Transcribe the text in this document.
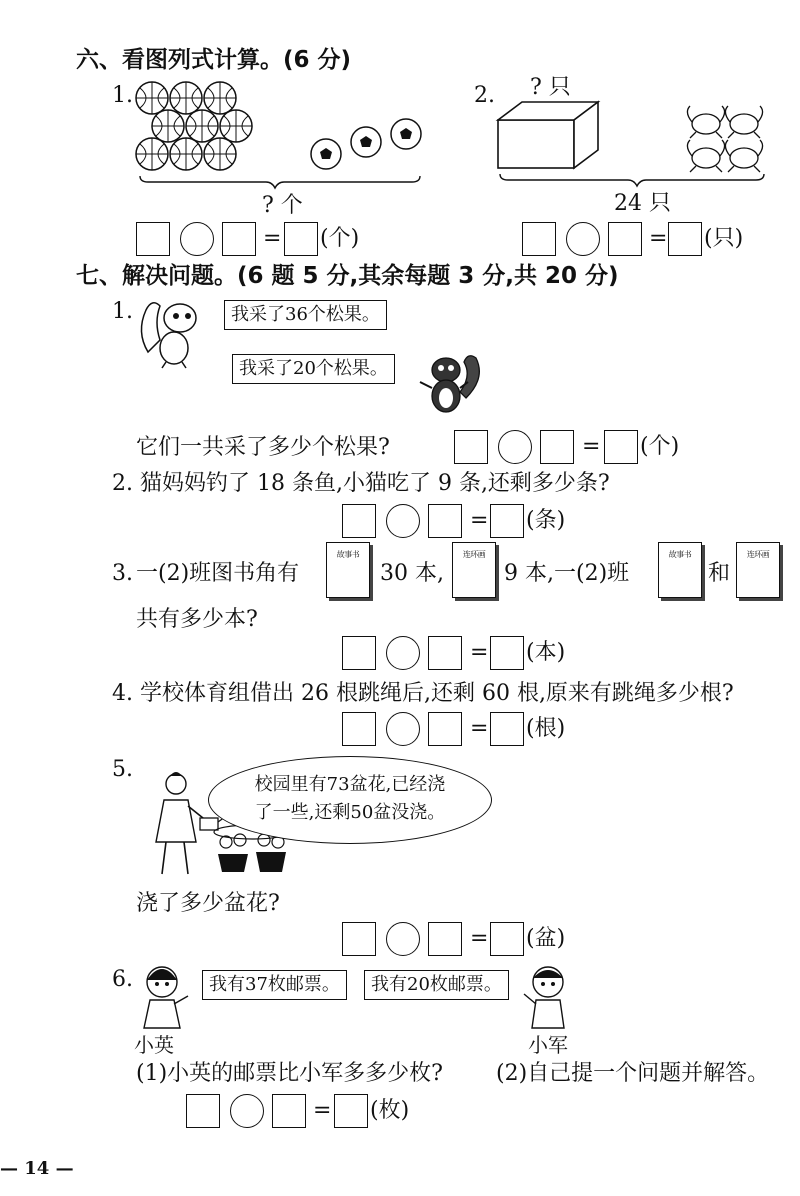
六、看图列式计算。(6 分)
1.
? 个
= (个)
2. ? 只
24 只
= (只)
七、解决问题。(6 题 5 分,其余每题 3 分,共 20 分)
1.	我采了36个松果。
我采了20个松果。
它们一共采了多少个松果?	= (个)
2. 猫妈妈钓了 18 条鱼,小猫吃了 9 条,还剩多少条?
= (条)
3. 一(2)班图书角有
故事书
30 本,
连环画
9 本,一(2)班
故事书
和
连环画
共有多少本?
= (本)
4. 学校体育组借出 26 根跳绳后,还剩 60 根,原来有跳绳多少根?
= (根)
5.
校园里有73盆花,已经浇
了一些,还剩50盆没浇。
浇了多少盆花?
= (盆)
6.	我有37枚邮票。	我有20枚邮票。
小英	小军
(1)小英的邮票比小军多多少枚? (2)自己提一个问题并解答。
= (枚)
— 14 —
